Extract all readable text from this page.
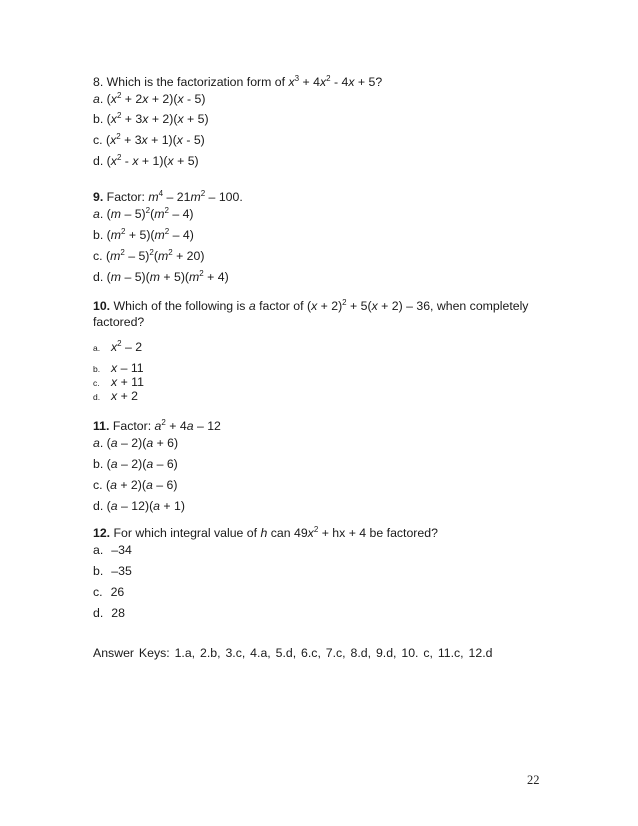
8. Which is the factorization form of $x^3 + 4x^2 - 4x + 5$?
a. $(x^2 + 2x + 2)(x - 5)$
b. $(x^2 + 3x + 2)(x + 5)$
c. $(x^2 + 3x + 1)(x - 5)$
d. $(x^2 - x + 1)(x + 5)$
9. Factor: $m^4 - 21m^2 - 100$.
a. $(m - 5)^2(m^2 - 4)$
b. $(m^2 + 5)(m^2 - 4)$
c. $(m^2 - 5)^2(m^2 + 20)$
d. $(m - 5)(m + 5)(m^2 + 4)$
10. Which of the following is a factor of $(x + 2)^2 + 5(x + 2) - 36$, when completely factored?
a. $x^2 - 2$
b. x – 11
c. x + 11
d. x + 2
11. Factor: $a^2 + 4a - 12$
a. (a – 2)(a + 6)
b. (a – 2)(a – 6)
c. (a + 2)(a – 6)
d. (a – 12)(a + 1)
12. For which integral value of h can $49x^2$ + hx + 4 be factored?
a. –34
b. –35
c. 26
d. 28
Answer Keys: 1.a, 2.b, 3.c, 4.a, 5.d, 6.c, 7.c, 8.d, 9.d, 10. c, 11.c, 12.d
22
